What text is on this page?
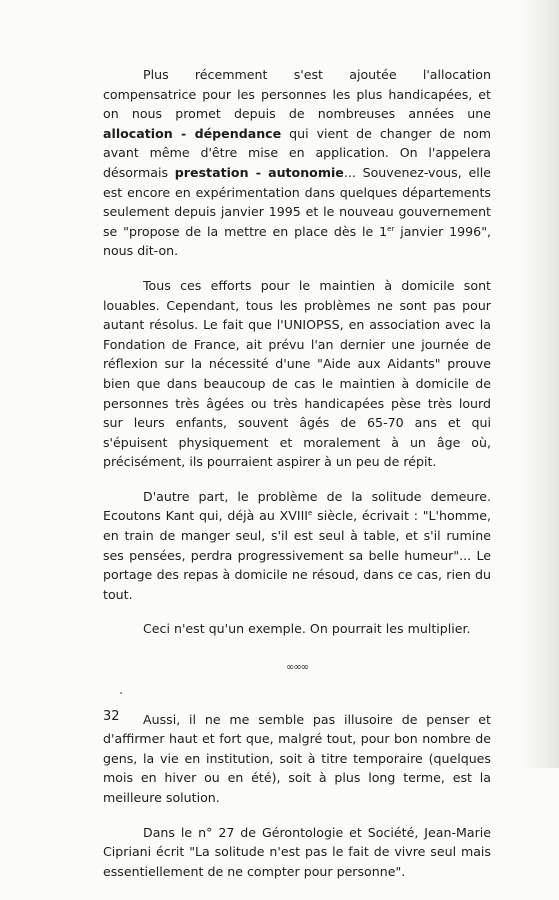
Plus récemment s'est ajoutée l'allocation compensatrice pour les personnes les plus handicapées, et on nous promet depuis de nombreuses années une allocation - dépendance qui vient de changer de nom avant même d'être mise en application. On l'appelera désormais prestation - autonomie... Souvenez-vous, elle est encore en expérimentation dans quelques départements seulement depuis janvier 1995 et le nouveau gouvernement se "propose de la mettre en place dès le 1er janvier 1996", nous dit-on.

Tous ces efforts pour le maintien à domicile sont louables. Cependant, tous les problèmes ne sont pas pour autant résolus. Le fait que l'UNIOPSS, en association avec la Fondation de France, ait prévu l'an dernier une journée de réflexion sur la nécessité d'une "Aide aux Aidants" prouve bien que dans beaucoup de cas le maintien à domicile de personnes très âgées ou très handicapées pèse très lourd sur leurs enfants, souvent âgés de 65-70 ans et qui s'épuisent physiquement et moralement à un âge où, précisément, ils pourraient aspirer à un peu de répit.

D'autre part, le problème de la solitude demeure. Ecoutons Kant qui, déjà au XVIIIe siècle, écrivait : "L'homme, en train de manger seul, s'il est seul à table, et s'il rumine ses pensées, perdra progressivement sa belle humeur"... Le portage des repas à domicile ne résoud, dans ce cas, rien du tout.

Ceci n'est qu'un exemple. On pourrait les multiplier.

∞∞∞

Aussi, il ne me semble pas illusoire de penser et d'affirmer haut et fort que, malgré tout, pour bon nombre de gens, la vie en institution, soit à titre temporaire (quelques mois en hiver ou en été), soit à plus long terme, est la meilleure solution.

Dans le n° 27 de Gérontologie et Société, Jean-Marie Cipriani écrit "La solitude n'est pas le fait de vivre seul mais essentiellement de ne compter pour personne".

32
